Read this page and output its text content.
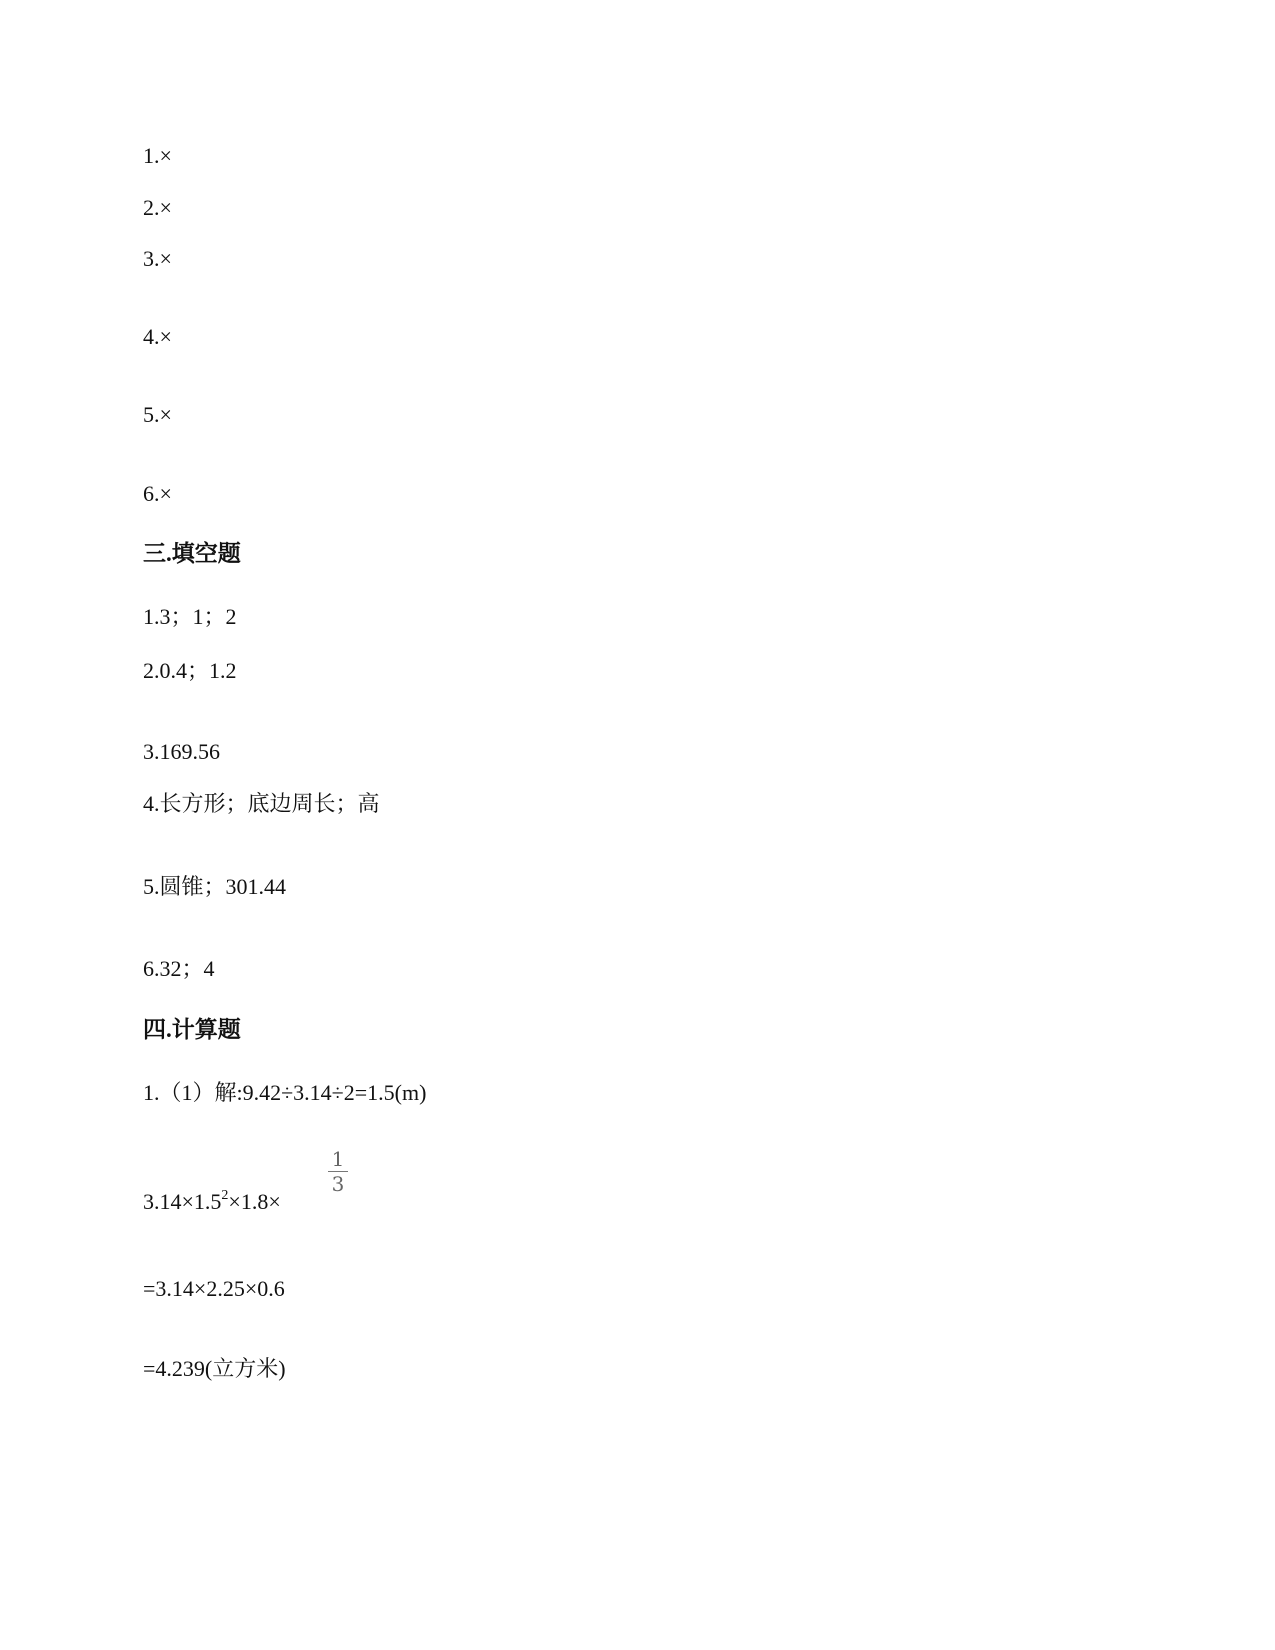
1.×
2.×
3.×
4.×
5.×
6.×
三.填空题
1.3；1；2
2.0.4；1.2
3.169.56
4.长方形；底边周长；高
5.圆锥；301.44
6.32；4
四.计算题
1.（1）解:9.42÷3.14÷2=1.5(m)
$3.14\times 1.5^2\times 1.8\times$
1
3
=3.14×2.25×0.6
=4.239(立方米)
